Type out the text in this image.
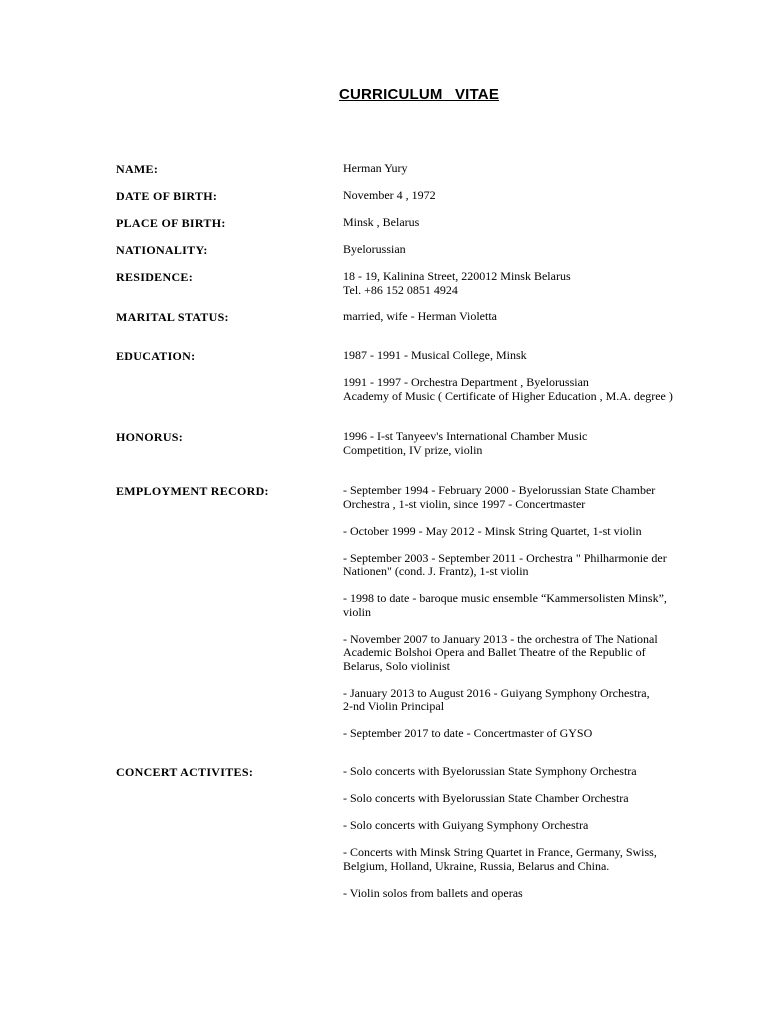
CURRICULUM VITAE
NAME:	Herman Yury
DATE OF BIRTH:	November 4 , 1972
PLACE OF BIRTH:	Minsk , Belarus
NATIONALITY:	Byelorussian
RESIDENCE:	18 - 19, Kalinina Street, 220012 Minsk Belarus
Tel. +86 152 0851 4924
MARITAL STATUS:	married, wife - Herman Violetta
EDUCATION:	1987 - 1991 - Musical College, Minsk
1991 - 1997 - Orchestra Department , Byelorussian
Academy of Music ( Certificate of Higher Education , M.A. degree )
HONORUS:	1996 - I-st Tanyeev's International Chamber Music
Competition, IV prize, violin
EMPLOYMENT RECORD:	- September 1994 - February 2000 - Byelorussian State Chamber
Orchestra , 1-st violin, since 1997 - Concertmaster
- October 1999 - May 2012 - Minsk String Quartet, 1-st violin
- September 2003 - September 2011 - Orchestra " Philharmonie der
Nationen" (cond. J. Frantz), 1-st violin
- 1998 to date - baroque music ensemble “Kammersolisten Minsk”,
violin
- November 2007 to January 2013 - the orchestra of The National
Academic Bolshoi Opera and Ballet Theatre of the Republic of
Belarus, Solo violinist
- January 2013 to August 2016 - Guiyang Symphony Orchestra,
2-nd Violin Principal
- September 2017 to date - Concertmaster of GYSO
CONCERT ACTIVITES:	- Solo concerts with Byelorussian State Symphony Orchestra
- Solo concerts with Byelorussian State Chamber Orchestra
- Solo concerts with Guiyang Symphony Orchestra
- Concerts with Minsk String Quartet in France, Germany, Swiss,
Belgium, Holland, Ukraine, Russia, Belarus and China.
- Violin solos from ballets and operas
